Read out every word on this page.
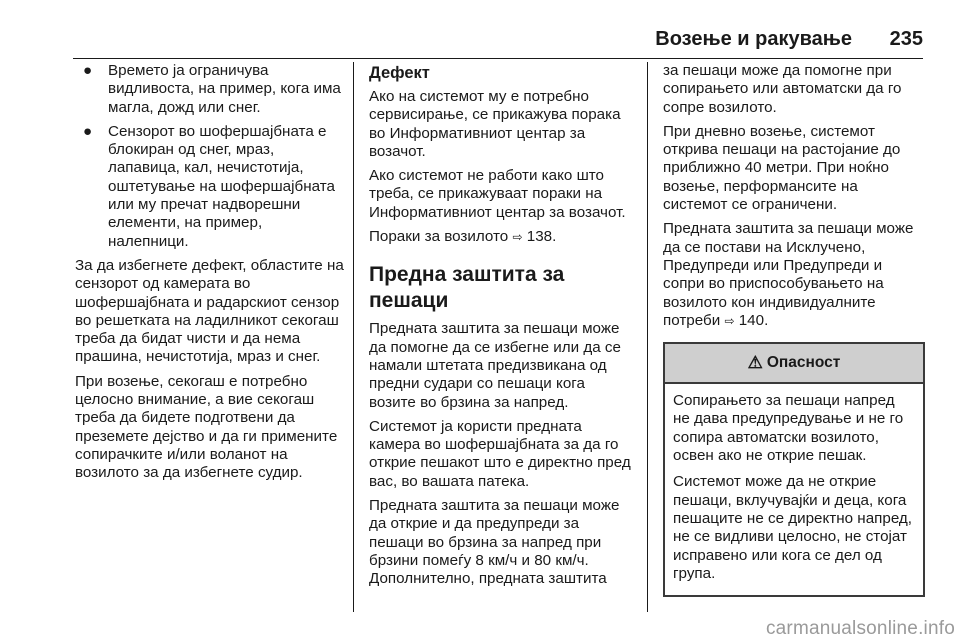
Возење и ракување 235
● Времето ја ограничува видливоста, на пример, кога има магла, дожд или снег.
● Сензорот во шофершајбната е блокиран од снег, мраз, лапавица, кал, нечистотија, оштетување на шофершајбната или му пречат надворешни елементи, на пример, налепници.

За да избегнете дефект, областите на сензорот од камерата во шофершајбната и радарскиот сензор во решетката на ладилникот секогаш треба да бидат чисти и да нема прашина, нечистотија, мраз и снег.

При возење, секогаш е потребно целосно внимание, а вие секогаш треба да бидете подготвени да преземете дејство и да ги примените сопирачките и/или воланот на возилото за да избегнете судир.

Дефект

Ако на системот му е потребно сервисирање, се прикажува порака во Информативниот центар за возачот.

Ако системот не работи како што треба, се прикажуваат пораки на Информативниот центар за возачот.

Пораки за возилото ⇨ 138.

Предна заштита за пешаци

Предната заштита за пешаци може да помогне да се избегне или да се намали штетата предизвикана од предни судари со пешаци кога возите во брзина за напред.

Системот ја користи предната камера во шофершајбната за да го открие пешакот што е директно пред вас, во вашата патека.

Предната заштита за пешаци може да открие и да предупреди за пешаци во брзина за напред при брзини помеѓу 8 км/ч и 80 км/ч. Дополнително, предната заштита

за пешаци може да помогне при сопирањето или автоматски да го сопре возилото.

При дневно возење, системот открива пешаци на растојание до приближно 40 метри. При ноќно возење, перформансите на системот се ограничени.

Предната заштита за пешаци може да се постави на Исклучено, Предупреди или Предупреди и сопри во приспособувањето на возилото кон индивидуалните потреби ⇨ 140.

⚠ Опасност

Сопирањето за пешаци напред не дава предупредување и не го сопира автоматски возилото, освен ако не открие пешак.

Системот може да не открие пешаци, вклучувајќи и деца, кога пешаците не се директно напред, не се видливи целосно, не стојат исправено или кога се дел од група.

carmanualsonline.info
